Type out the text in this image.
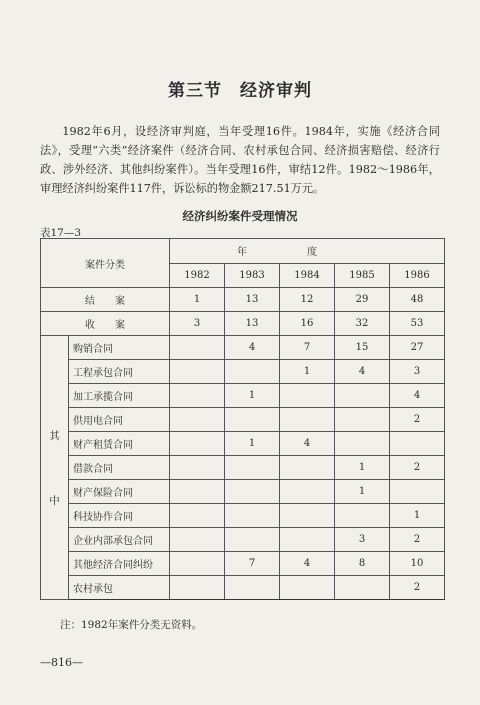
第三节　经济审判

1982年6月，设经济审判庭，当年受理16件。1984年，实施《经济合同法》，受理“六类”经济案件（经济合同、农村承包合同、经济损害赔偿、经济行政、涉外经济、其他纠纷案件）。当年受理16件，审结12件。1982～1986年，审理经济纠纷案件117件，诉讼标的物金额217.51万元。

经济纠纷案件受理情况
表17—3
案件分类		年度				
		1982	1983	1984	1985	1986
结　　案		1	13	12	29	48
收　　案		3	13	16	32	53

其
中	购销合同		4	7	15	27
	工程承包合同			1	4	3
	加工承揽合同		1			4
	供用电合同					2
	财产租赁合同		1	4		
	借款合同				1	2
	财产保险合同				1	
	科技协作合同					1
	企业内部承包合同				3	2
	其他经济合同纠纷		7	4	8	10
	农村承包					2
注：1982年案件分类无资料。
—816—
